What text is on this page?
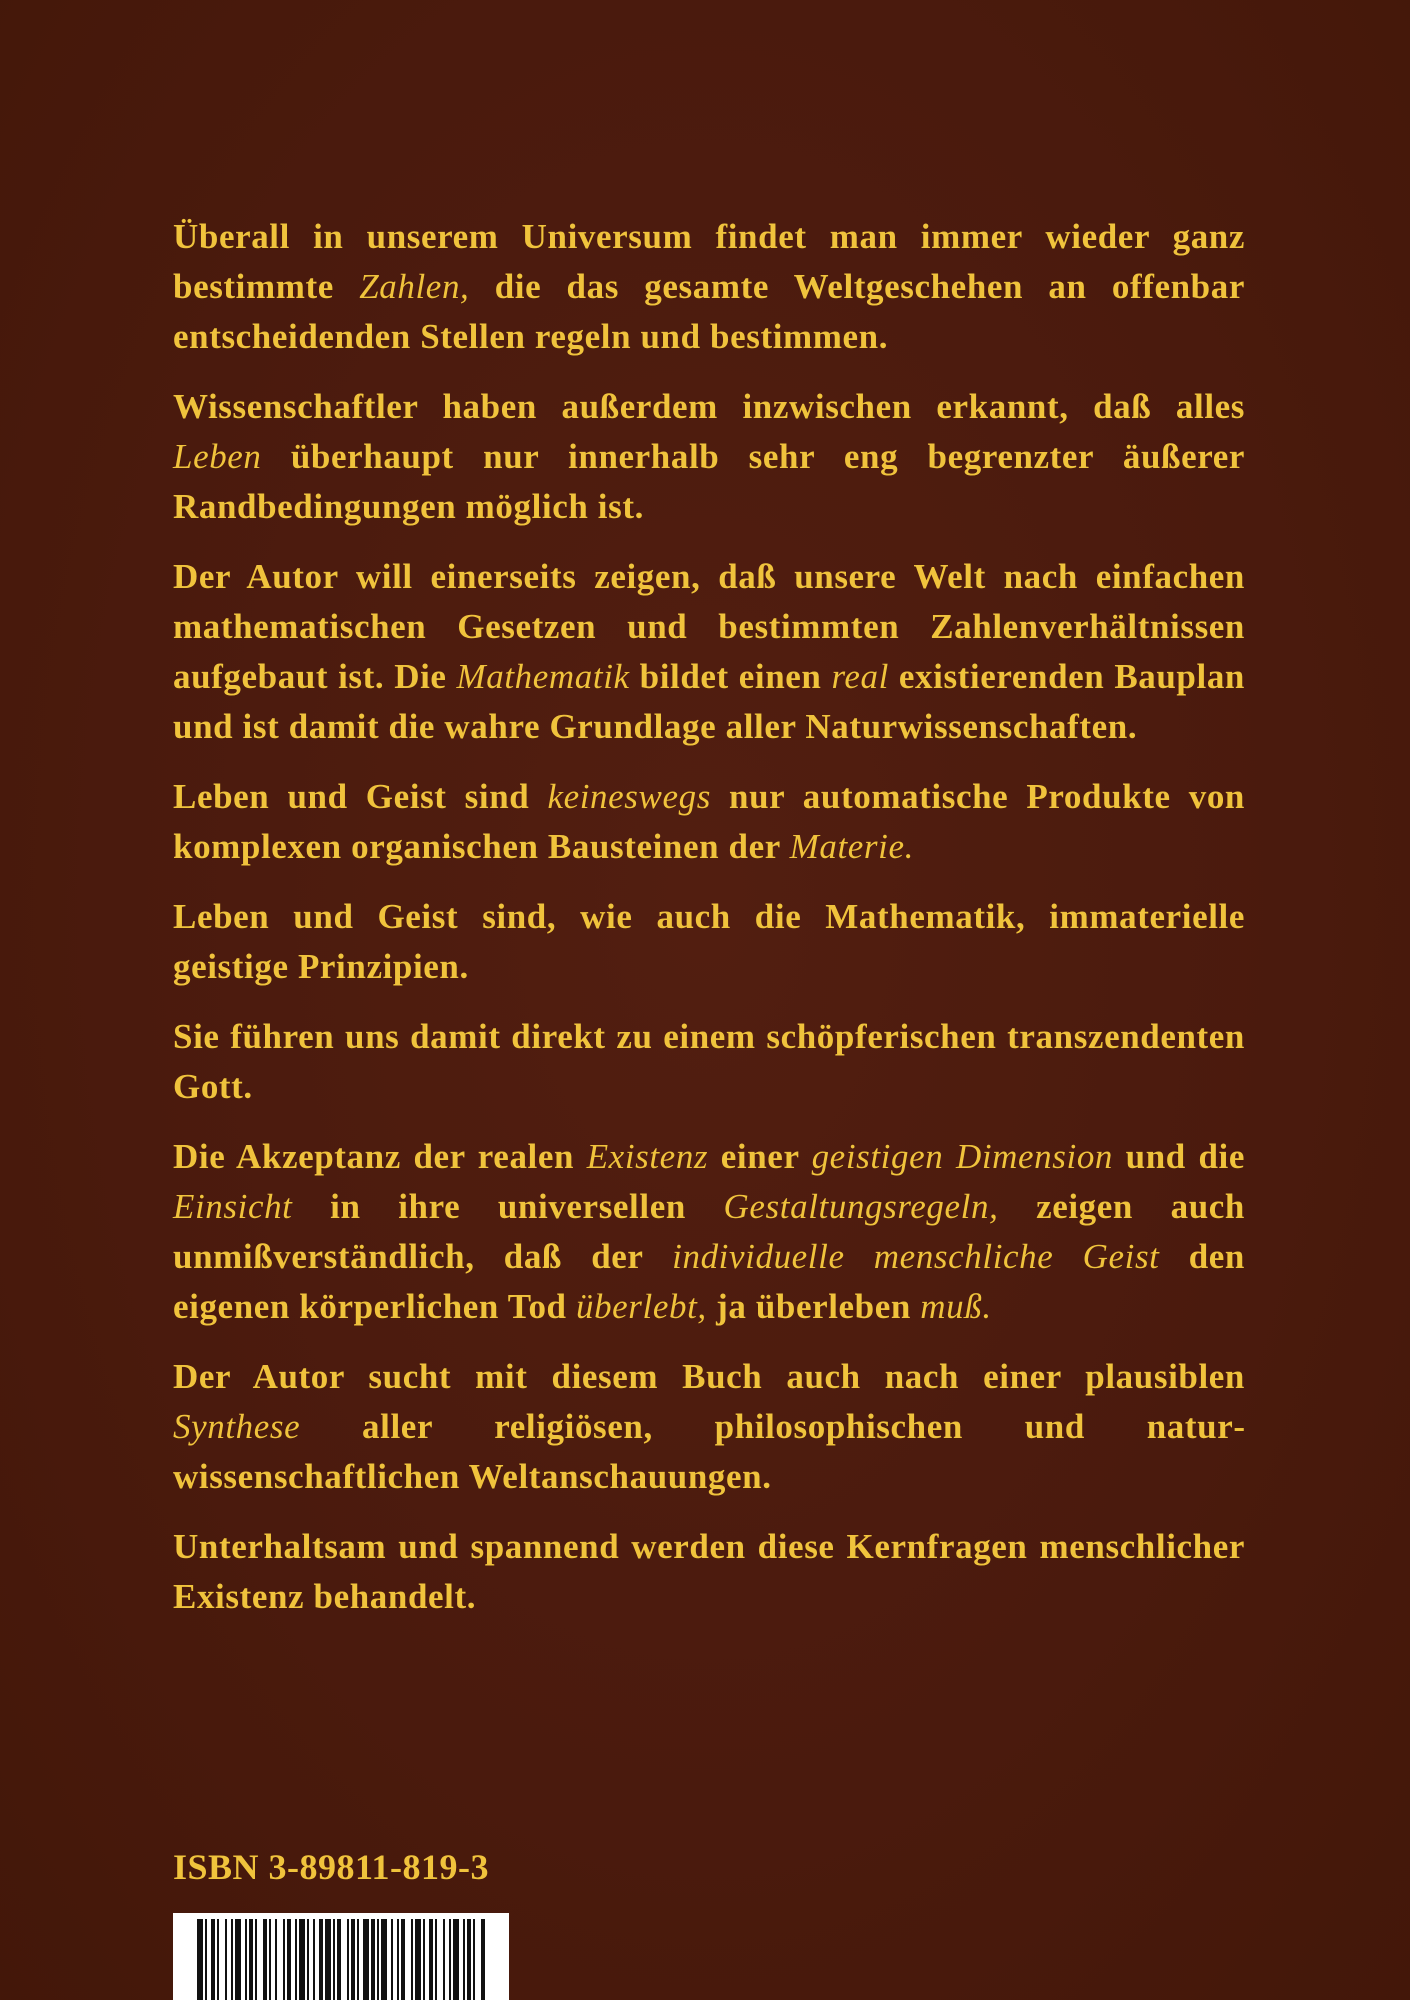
Überall in unserem Universum findet man immer wieder ganz bestimmte Zahlen, die das gesamte Weltgeschehen an offenbar entscheidenden Stellen regeln und bestimmen.

Wissenschaftler haben außerdem inzwischen erkannt, daß alles Leben überhaupt nur innerhalb sehr eng begrenzter äußerer Randbedingungen möglich ist.

Der Autor will einerseits zeigen, daß unsere Welt nach einfachen mathematischen Gesetzen und bestimmten Zahlenverhältnissen aufgebaut ist. Die Mathematik bildet einen real existierenden Bauplan und ist damit die wahre Grundlage aller Naturwissenschaften.

Leben und Geist sind keineswegs nur automatische Produkte von komplexen organischen Bausteinen der Materie.

Leben und Geist sind, wie auch die Mathematik, immaterielle geistige Prinzipien.

Sie führen uns damit direkt zu einem schöpferischen transzendenten Gott.

Die Akzeptanz der realen Existenz einer geistigen Dimension und die Einsicht in ihre universellen Gestaltungsregeln, zeigen auch unmißverständlich, daß der individuelle menschliche Geist den eigenen körperlichen Tod überlebt, ja überleben muß.

Der Autor sucht mit diesem Buch auch nach einer plausiblen Synthese aller religiösen, philosophischen und naturwissenschaftlichen Weltanschauungen.

Unterhaltsam und spannend werden diese Kernfragen menschlicher Existenz behandelt.

ISBN 3-89811-819-3
